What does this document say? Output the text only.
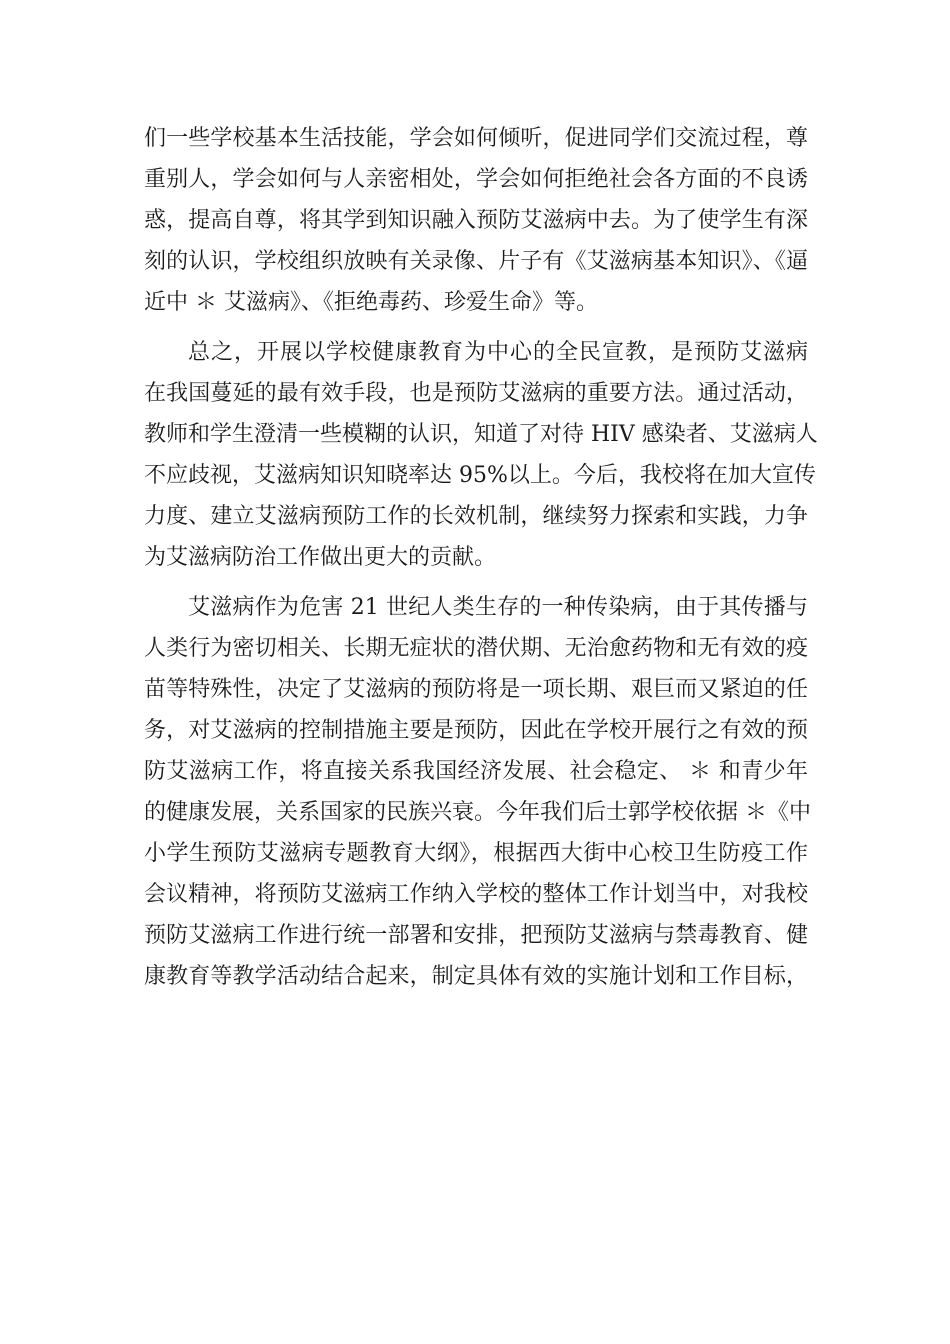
们一些学校基本生活技能，学会如何倾听，促进同学们交流过程，尊
重别人，学会如何与人亲密相处，学会如何拒绝社会各方面的不良诱
惑，提高自尊，将其学到知识融入预防艾滋病中去。为了使学生有深
刻的认识，学校组织放映有关录像、片子有《艾滋病基本知识》、《逼
近中 ＊ 艾滋病》、《拒绝毒药、珍爱生命》等。
总之，开展以学校健康教育为中心的全民宣教，是预防艾滋病
在我国蔓延的最有效手段，也是预防艾滋病的重要方法。通过活动，
教师和学生澄清一些模糊的认识，知道了对待 HIV 感染者、艾滋病人
不应歧视，艾滋病知识知晓率达 95%以上。今后，我校将在加大宣传
力度、建立艾滋病预防工作的长效机制，继续努力探索和实践，力争
为艾滋病防治工作做出更大的贡献。
艾滋病作为危害 21 世纪人类生存的一种传染病，由于其传播与
人类行为密切相关、长期无症状的潜伏期、无治愈药物和无有效的疫
苗等特殊性，决定了艾滋病的预防将是一项长期、艰巨而又紧迫的任
务，对艾滋病的控制措施主要是预防，因此在学校开展行之有效的预
防艾滋病工作，将直接关系我国经济发展、社会稳定、 ＊ 和青少年
的健康发展，关系国家的民族兴衰。今年我们后士郭学校依据 ＊《中
小学生预防艾滋病专题教育大纲》，根据西大街中心校卫生防疫工作
会议精神，将预防艾滋病工作纳入学校的整体工作计划当中，对我校
预防艾滋病工作进行统一部署和安排，把预防艾滋病与禁毒教育、健
康教育等教学活动结合起来，制定具体有效的实施计划和工作目标，
